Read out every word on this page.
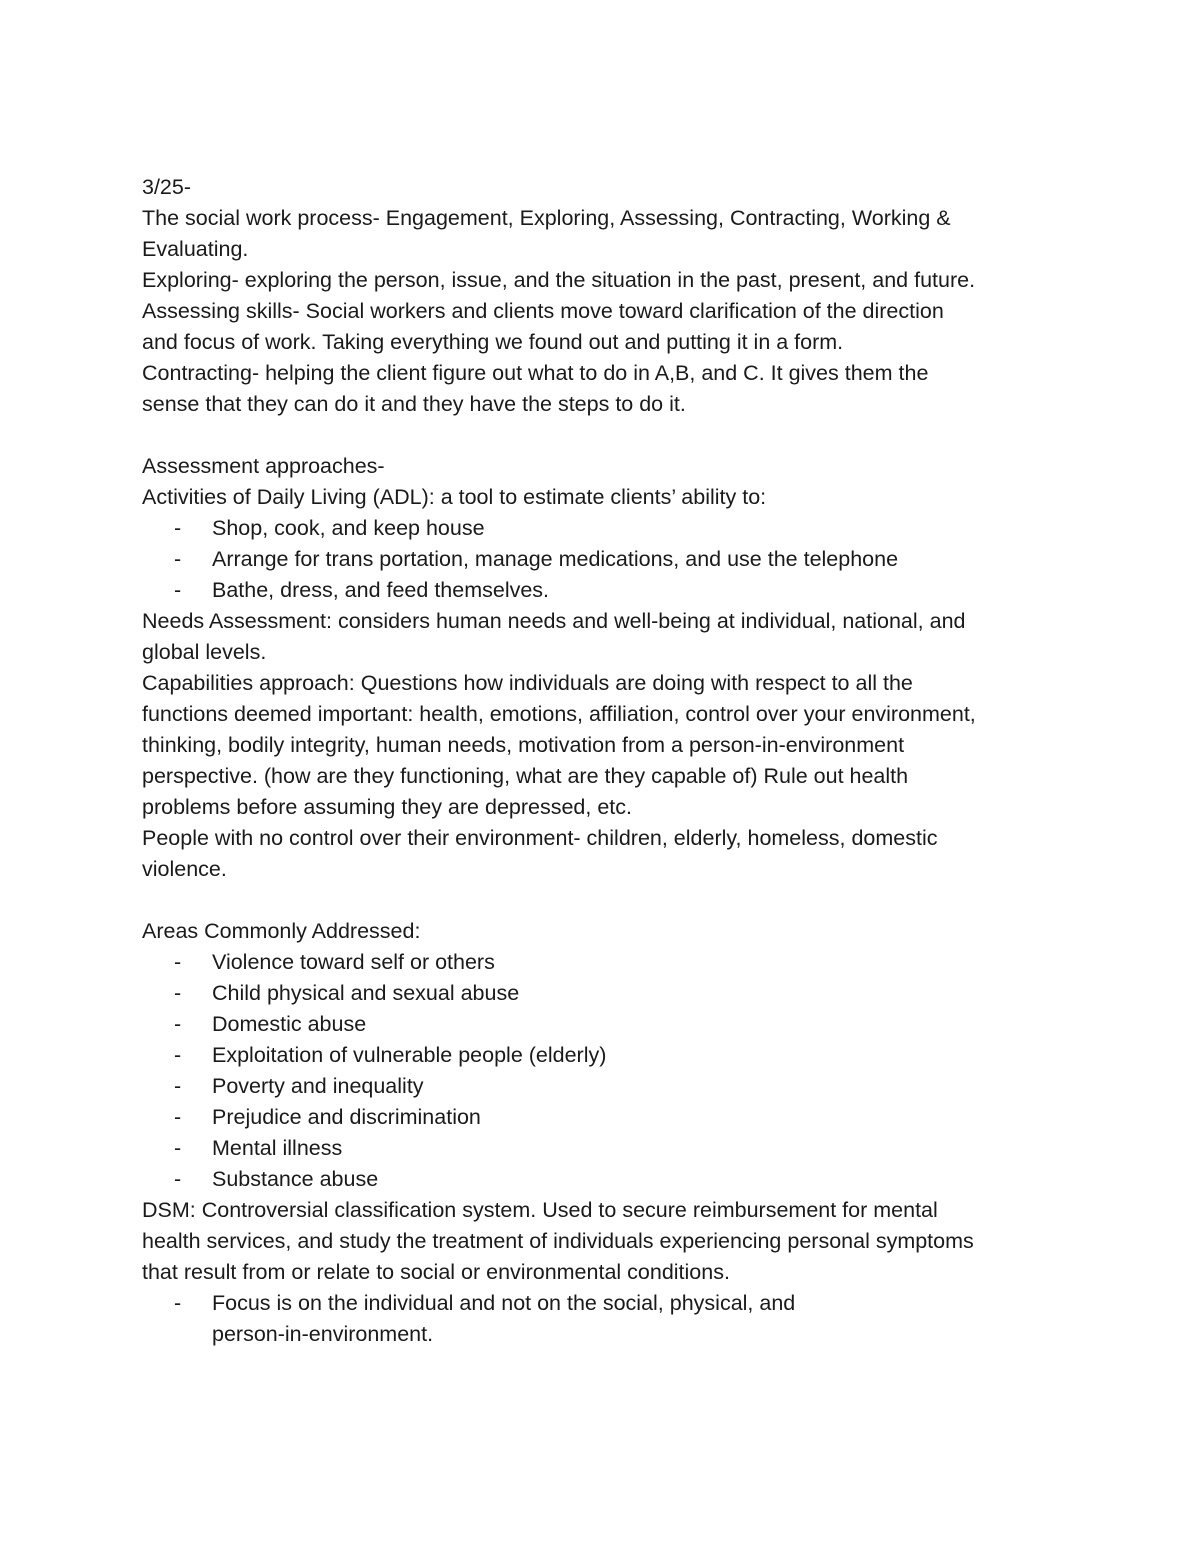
3/25-
The social work process- Engagement, Exploring, Assessing, Contracting, Working &
Evaluating.
Exploring- exploring the person, issue, and the situation in the past, present, and future.
Assessing skills- Social workers and clients move toward clarification of the direction
and focus of work. Taking everything we found out and putting it in a form.
Contracting- helping the client figure out what to do in A,B, and C. It gives them the
sense that they can do it and they have the steps to do it.
Assessment approaches-
Activities of Daily Living (ADL): a tool to estimate clients’ ability to:
-	Shop, cook, and keep house
-	Arrange for trans portation, manage medications, and use the telephone
-	Bathe, dress, and feed themselves.
Needs Assessment: considers human needs and well-being at individual, national, and
global levels.
Capabilities approach: Questions how individuals are doing with respect to all the
functions deemed important: health, emotions, affiliation, control over your environment,
thinking, bodily integrity, human needs, motivation from a person-in-environment
perspective. (how are they functioning, what are they capable of) Rule out health
problems before assuming they are depressed, etc.
People with no control over their environment- children, elderly, homeless, domestic
violence.
Areas Commonly Addressed:
-	Violence toward self or others
-	Child physical and sexual abuse
-	Domestic abuse
-	Exploitation of vulnerable people (elderly)
-	Poverty and inequality
-	Prejudice and discrimination
-	Mental illness
-	Substance abuse
DSM: Controversial classification system. Used to secure reimbursement for mental
health services, and study the treatment of individuals experiencing personal symptoms
that result from or relate to social or environmental conditions.
-	Focus is on the individual and not on the social, physical, and
person-in-environment.
